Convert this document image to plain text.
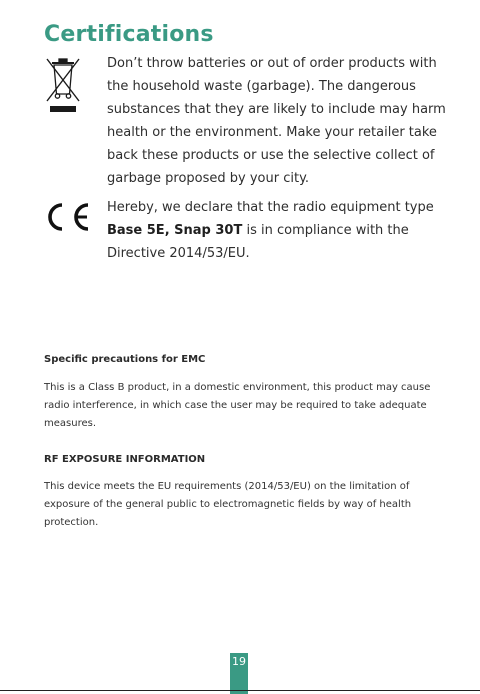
Certifications
Don’t throw batteries or out of order products with the household waste (garbage). The dangerous substances that they are likely to include may harm health or the environment. Make your retailer take back these products or use the selective collect of garbage proposed by your city.
Hereby, we declare that the radio equipment type Base 5E, Snap 30T is in compliance with the Directive 2014/53/EU.
Specific precautions for EMC
This is a Class B product, in a domestic environment, this product may cause radio interference, in which case the user may be required to take adequate measures.
RF EXPOSURE INFORMATION
This device meets the EU requirements (2014/53/EU) on the limitation of exposure of the general public to electromagnetic fields by way of health protection.
19
